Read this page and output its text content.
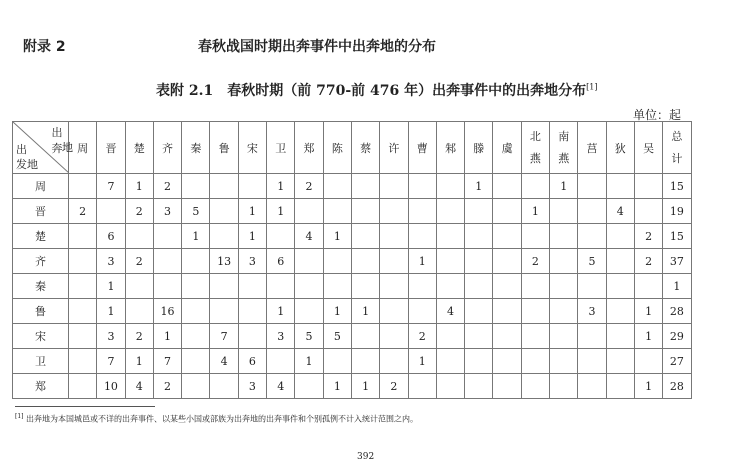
附录 2	春秋战国时期出奔事件中出奔地的分布
表附 2.1　春秋时期（前 770-前 476 年）出奔事件中的出奔地分布[1]
单位：起
出奔
地
出
发地	周	晋	楚	齐	秦	鲁	宋	卫	郑	陈	蔡	许	曹	邾	滕	虞	北燕	南燕	莒	狄	吴	总计
周		7	1	2				1	2						1			1				15
晋	2		2	3	5		1	1									1			4		19
楚		6			1		1		4	1											2	15
齐		3	2			13	3	6					1				2		5		2	37
秦		1																				1
鲁		1		16				1		1	1			4					3		1	28
宋		3	2	1		7		3	5	5			2								1	29
卫		7	1	7		4	6		1				1									27
郑		10	4	2			3	4		1	1	2									1	28
[1] 出奔地为本国城邑或不详的出奔事件、以某些小国或部族为出奔地的出奔事件和个别孤例不计入统计范围之内。
392
